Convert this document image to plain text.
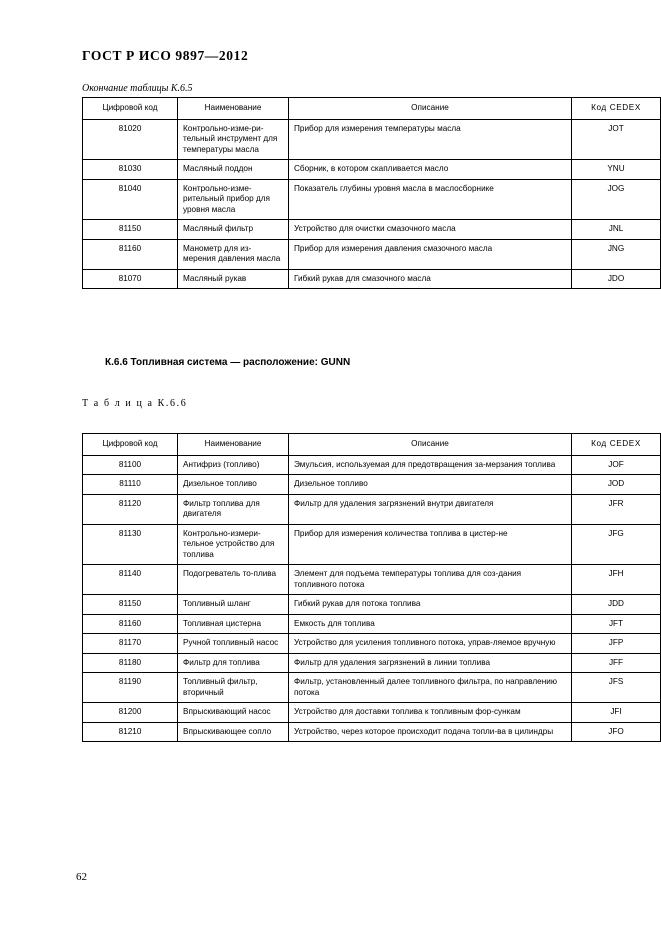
ГОСТ Р ИСО 9897—2012
Окончание таблицы К.6.5
Цифровой код	Наименование	Описание	Код CEDEX
81020	Контрольно-изме-ри-тельный инструмент для температуры масла	Прибор для измерения температуры масла	JOT
81030	Масляный поддон	Сборник, в котором скапливается масло	YNU
81040	Контрольно-изме-рительный прибор для уровня масла	Показатель глубины уровня масла в маслосборнике	JOG
81150	Масляный фильтр	Устройство для очистки смазочного масла	JNL
81160	Манометр для из-мерения давления масла	Прибор для измерения давления смазочного масла	JNG
81070	Масляный рукав	Гибкий рукав для смазочного масла	JDO
К.6.6 Топливная система — расположение: GUNN
Т а б л и ц а К.6.6
Цифровой код	Наименование	Описание	Код CEDEX
81100	Антифриз (топливо)	Эмульсия, используемая для предотвращения за-мерзания топлива	JOF
81110	Дизельное топливо	Дизельное топливо	JOD
81120	Фильтр топлива для двигателя	Фильтр для удаления загрязнений внутри двигателя	JFR
81130	Контрольно-измери-тельное устройство для топлива	Прибор для измерения количества топлива в цистер-не	JFG
81140	Подогреватель то-плива	Элемент для подъема температуры топлива для соз-дания топливного потока	JFH
81150	Топливный шланг	Гибкий рукав для потока топлива	JDD
81160	Топливная цистерна	Емкость для топлива	JFT
81170	Ручной топливный насос	Устройство для усиления топливного потока, управ-ляемое вручную	JFP
81180	Фильтр для топлива	Фильтр для удаления загрязнений в линии топлива	JFF
81190	Топливный фильтр, вторичный	Фильтр, установленный далее топливного фильтра, по направлению потока	JFS
81200	Впрыскивающий насос	Устройство для доставки топлива к топливным фор-сункам	JFI
81210	Впрыскивающее сопло	Устройство, через которое происходит подача топли-ва в цилиндры	JFO
62
